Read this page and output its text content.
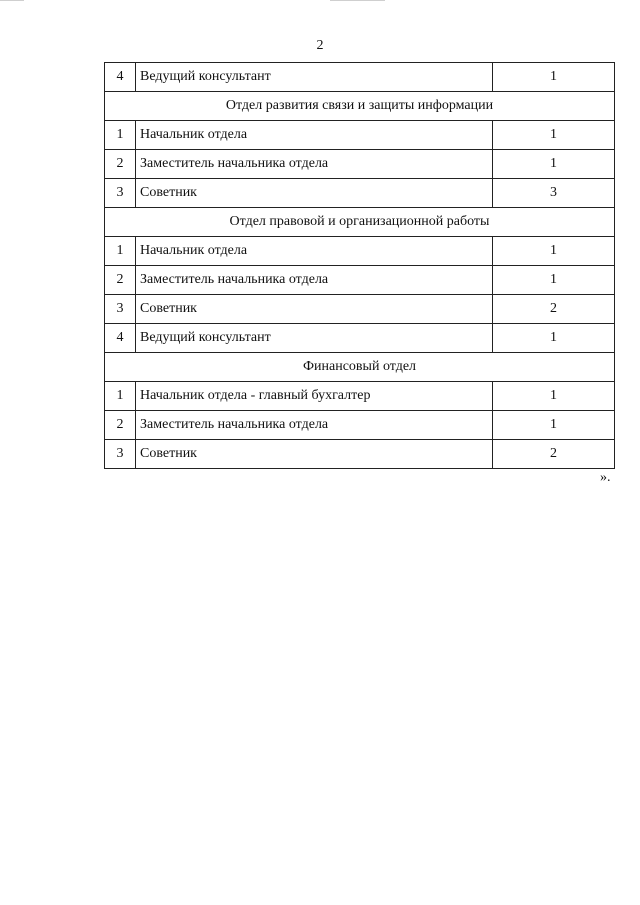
2
4	Ведущий консультант	1
Отдел развития связи и защиты информации		
1	Начальник отдела	1
2	Заместитель начальника отдела	1
3	Советник	3
Отдел правовой и организационной работы		
1	Начальник отдела	1
2	Заместитель начальника отдела	1
3	Советник	2
4	Ведущий консультант	1
Финансовый отдел		
1	Начальник отдела - главный бухгалтер	1
2	Заместитель начальника отдела	1
3	Советник	2
».
